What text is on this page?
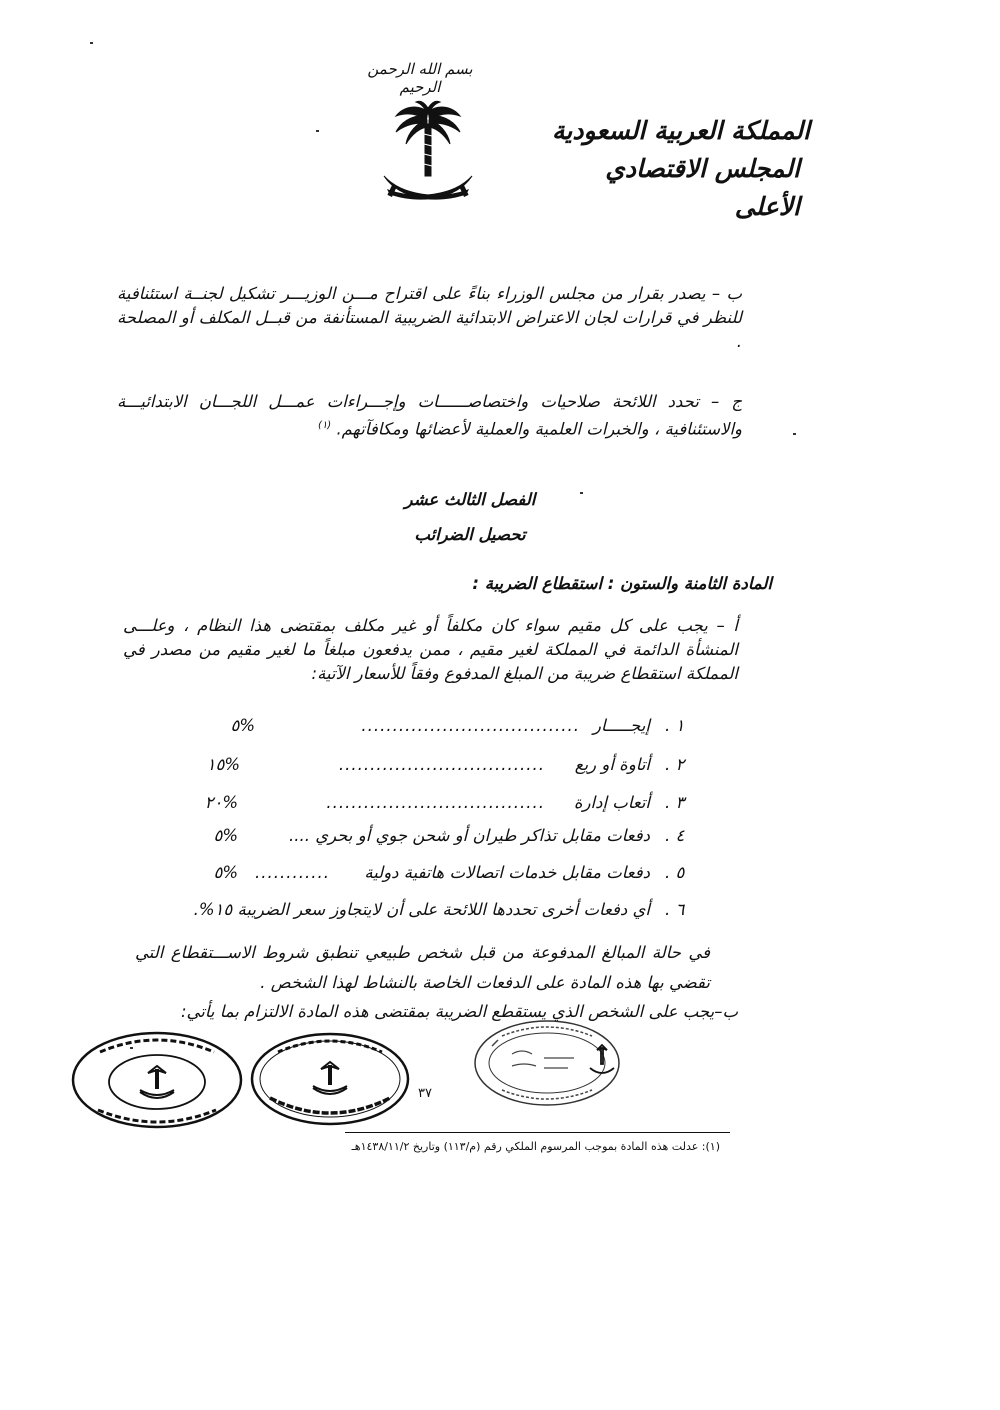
بسم الله الرحمن الرحيم
المملكة العربية السعودية
المجلس الاقتصادي الأعلى
ب – يصدر بقرار من مجلس الوزراء بناءً على اقتراح مـــن الوزيـــر تشكيل لجنــة استئنافية للنظر في قرارات لجان الاعتراض الابتدائية الضريبية المستأنفة من قبــل المكلف أو المصلحة .
ج – تحدد اللائحة صلاحيات واختصاصــــــات وإجـــراءات عمـــل اللجـــان الابتدائيـــة والاستئنافية ، والخبرات العلمية والعملية لأعضائها ومكافآتهم. $^{(١)}$
الفصل الثالث عشر
تحصيل الضرائب
المادة الثامنة والستون : استقطاع الضريبة :
أ – يجب على كل مقيم سواء كان مكلفاً أو غير مكلف بمقتضى هذا النظام ، وعلـــى المنشأة الدائمة في المملكة لغير مقيم ، ممن يدفعون مبلغاً ما لغير مقيم من مصدر في المملكة استقطاع ضريبة من المبلغ المدفوع وفقاً للأسعار الآتية:
١ .
إيجـــــار
...................................
%٥
٢ .
أتاوة أو ريع
.................................
%١٥
٣ .
أتعاب إدارة
...................................
%٢٠
٤ .
دفعات مقابل تذاكر طيران أو شحن جوي أو بحري ....
%٥
٥ .
دفعات مقابل خدمات اتصالات هاتفية دولية
............
%٥
٦ .
أي دفعات أخرى تحددها اللائحة على أن لايتجاوز سعر الضريبة ١٥%.
في حالة المبالغ المدفوعة من قبل شخص طبيعي تنطبق شروط الاســـتقطاع التي تقضي بها هذه المادة على الدفعات الخاصة بالنشاط لهذا الشخص .
ب–يجب على الشخص الذي يستقطع الضريبة بمقتضى هذه المادة الالتزام بما يأتي:
٣٧
(١): عدلت هذه المادة بموجب المرسوم الملكي رقم (م/١١٣) وتاريخ ١٤٣٨/١١/٢هـ
